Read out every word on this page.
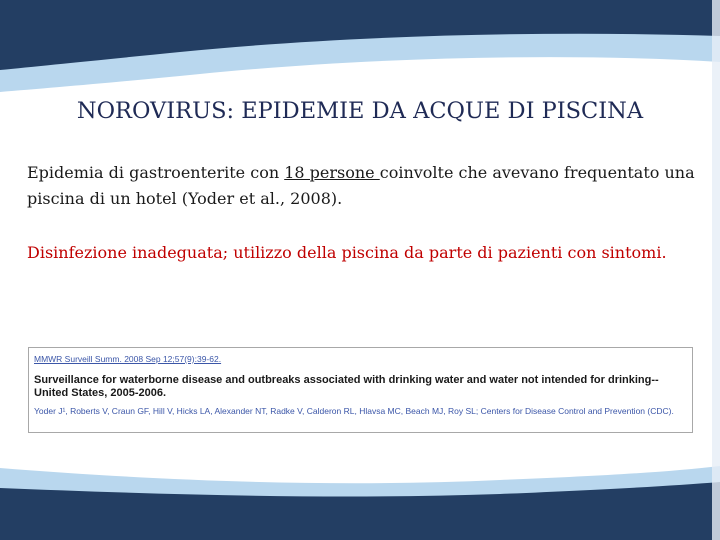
NOROVIRUS: EPIDEMIE DA ACQUE DI PISCINA
Epidemia di gastroenterite con 18 persone coinvolte che avevano frequentato una piscina di un hotel (Yoder et al., 2008).
Disinfezione inadeguata; utilizzo della piscina da parte di pazienti con sintomi.
MMWR Surveill Summ. 2008 Sep 12;57(9):39-62.
Surveillance for waterborne disease and outbreaks associated with drinking water and water not intended for drinking--United States, 2005-2006.
Yoder J¹, Roberts V, Craun GF, Hill V, Hicks LA, Alexander NT, Radke V, Calderon RL, Hlavsa MC, Beach MJ, Roy SL; Centers for Disease Control and Prevention (CDC).
